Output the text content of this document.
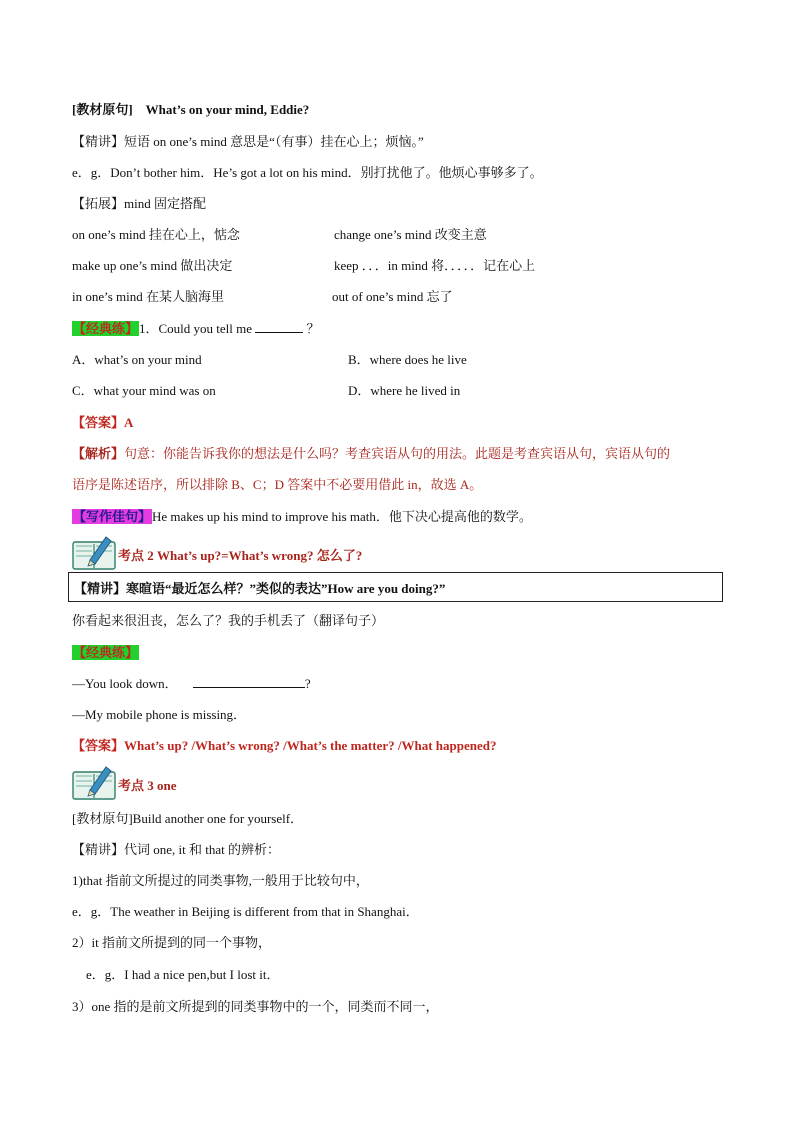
[教材原句] What’s on your mind, Eddie?
【精讲】短语 on one’s mind 意思是“（有事）挂在心上；烦恼。”
e．g．Don’t bother him．He’s got a lot on his mind．别打扰他了。他烦心事够多了。
【拓展】mind 固定搭配
on one’s mind 挂在心上，惦念	change one’s mind 改变主意
make up one’s mind 做出决定	keep ．．．in mind 将．．．．．记在心上
in one’s mind 在某人脑海里	out of one’s mind 忘了
【经典练】1．Could you tell me	？
A．what’s on your mind	B．where does he live
C．what your mind was on	D．where he lived in
【答案】A
【解析】句意：你能告诉我你的想法是什么吗？考查宾语从句的用法。此题是考查宾语从句，宾语从句的
语序是陈述语序，所以排除 B、C；D 答案中不必要用借此 in，故选 A。
【写作佳句】He makes up his mind to improve his math．他下决心提高他的数学。
考点 2 What’s up?=What’s wrong? 怎么了?
【精讲】寒暄语“最近怎么样？”类似的表达”How are you doing?”
你看起来很沮丧，怎么了？我的手机丢了（翻译句子）
【经典练】
—You look down．	?
—My mobile phone is missing．
【答案】What’s up? /What’s wrong? /What’s the matter? /What happened?
考点 3 one
[教材原句]Build another one for yourself．
【精讲】代词 one, it 和 that 的辨析：
1)that 指前文所提过的同类事物,一般用于比较句中，
e．g．The weather in Beijing is different from that in Shanghai．
2）it 指前文所提到的同一个事物，
e．g．I had a nice pen,but I lost it．
3）one 指的是前文所提到的同类事物中的一个，同类而不同一，
